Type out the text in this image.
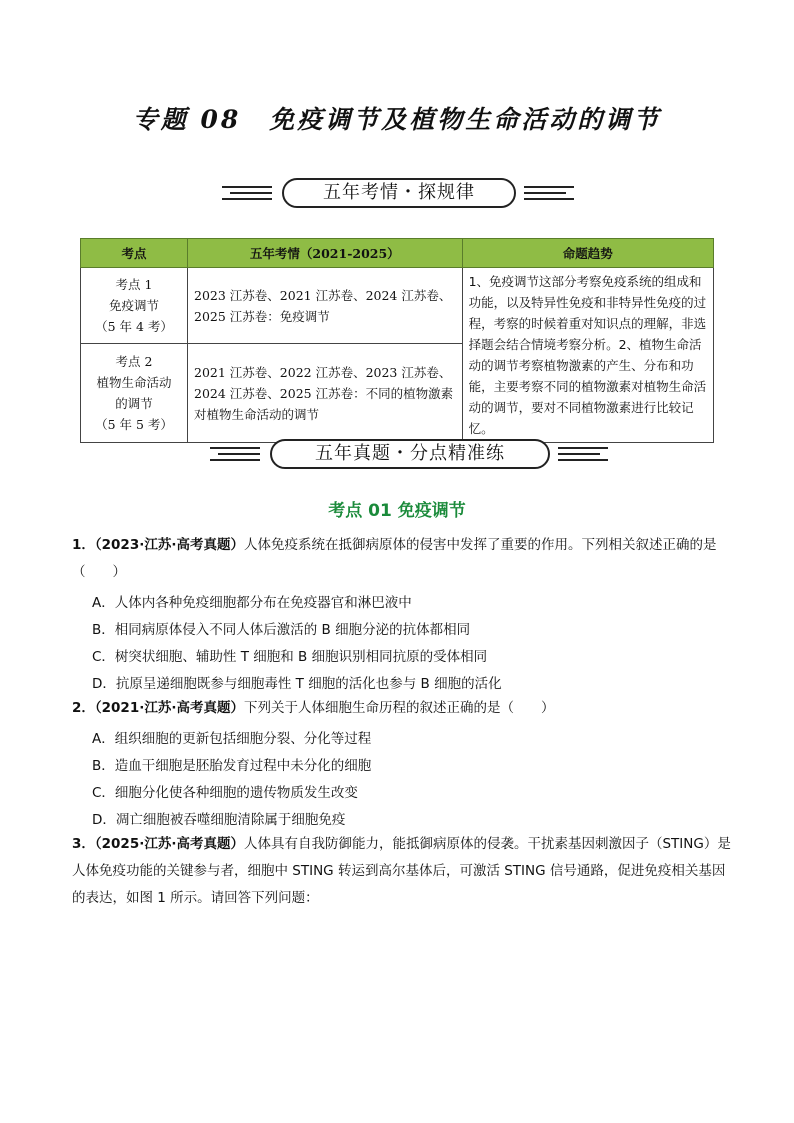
专题 08　免疫调节及植物生命活动的调节
五年考情・探规律
考点	五年考情（2021-2025）	命题趋势

考点 1
免疫调节
（5 年 4 考）	2023 江苏卷、2021 江苏卷、2024 江苏卷、2025 江苏卷：免疫调节	1、免疫调节这部分考察免疫系统的组成和功能，以及特异性免疫和非特异性免疫的过程，考察的时候着重对知识点的理解，非选择题会结合情境考察分析。2、植物生命活动的调节考察植物激素的产生、分布和功能，主要考察不同的植物激素对植物生命活动的调节，要对不同植物激素进行比较记忆。

考点 2
植物生命活动
的调节
（5 年 5 考）	2021 江苏卷、2022 江苏卷、2023 江苏卷、2024 江苏卷、2025 江苏卷：不同的植物激素对植物生命活动的调节	
五年真题・分点精准练
考点 01 免疫调节
1．（2023·江苏·高考真题）人体免疫系统在抵御病原体的侵害中发挥了重要的作用。下列相关叙述正确的是（　　）
A．人体内各种免疫细胞都分布在免疫器官和淋巴液中
B．相同病原体侵入不同人体后激活的 B 细胞分泌的抗体都相同
C．树突状细胞、辅助性 T 细胞和 B 细胞识别相同抗原的受体相同
D．抗原呈递细胞既参与细胞毒性 T 细胞的活化也参与 B 细胞的活化
2．（2021·江苏·高考真题）下列关于人体细胞生命历程的叙述正确的是（　　）
A．组织细胞的更新包括细胞分裂、分化等过程
B．造血干细胞是胚胎发育过程中未分化的细胞
C．细胞分化使各种细胞的遗传物质发生改变
D．凋亡细胞被吞噬细胞清除属于细胞免疫
3．（2025·江苏·高考真题）人体具有自我防御能力，能抵御病原体的侵袭。干扰素基因刺激因子（STING）是人体免疫功能的关键参与者，细胞中 STING 转运到高尔基体后，可激活 STING 信号通路，促进免疫相关基因的表达，如图 1 所示。请回答下列问题：
